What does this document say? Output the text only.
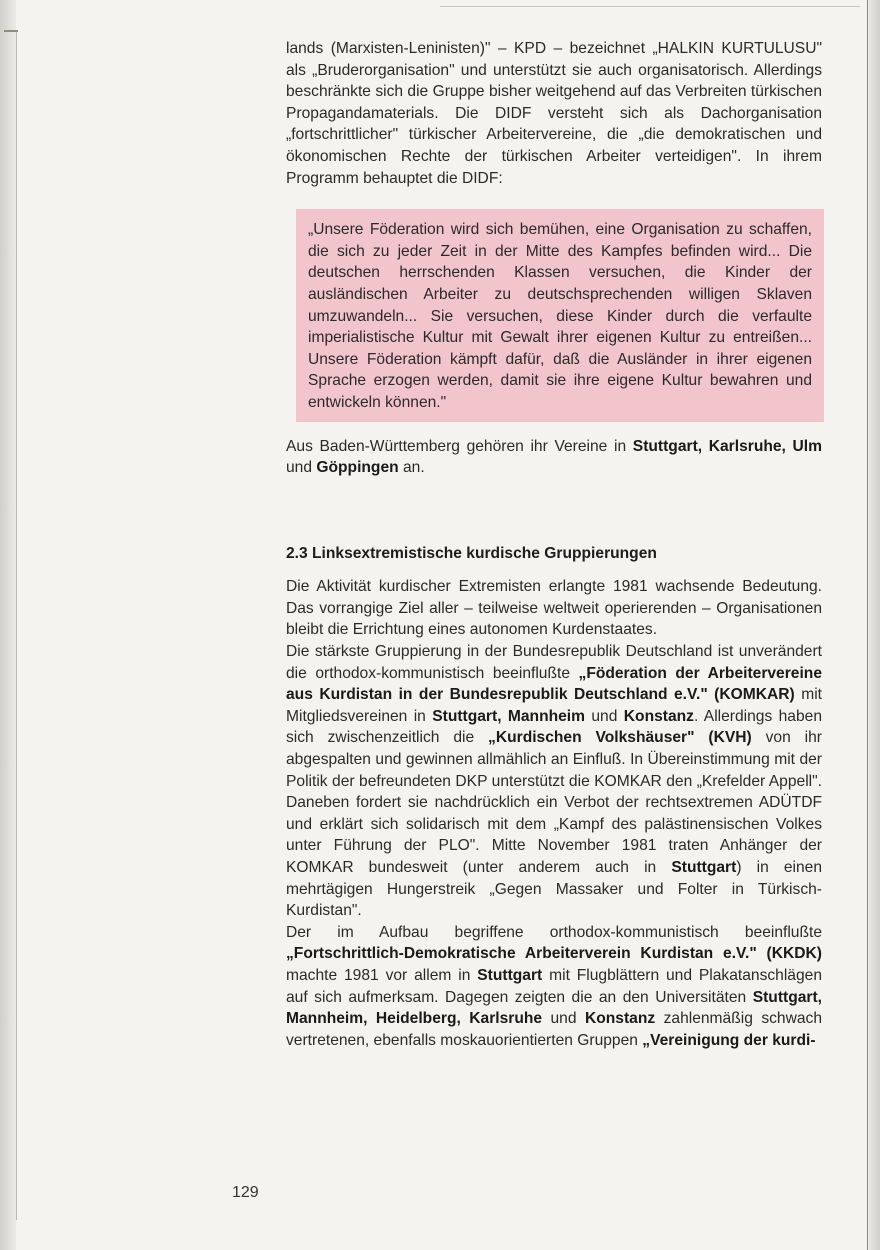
lands (Marxisten-Leninisten)" – KPD – bezeichnet „HALKIN KURTULUSU" als „Bruderorganisation" und unterstützt sie auch organisatorisch. Allerdings beschränkte sich die Gruppe bisher weitgehend auf das Verbreiten türkischen Propagandamaterials. Die DIDF versteht sich als Dachorganisation „fortschrittlicher" türkischer Arbeitervereine, die „die demokratischen und ökonomischen Rechte der türkischen Arbeiter verteidigen". In ihrem Programm behauptet die DIDF:

„Unsere Föderation wird sich bemühen, eine Organisation zu schaffen, die sich zu jeder Zeit in der Mitte des Kampfes befinden wird... Die deutschen herrschenden Klassen versuchen, die Kinder der ausländischen Arbeiter zu deutschsprechenden willigen Sklaven umzuwandeln... Sie versuchen, diese Kinder durch die verfaulte imperialistische Kultur mit Gewalt ihrer eigenen Kultur zu entreißen... Unsere Föderation kämpft dafür, daß die Ausländer in ihrer eigenen Sprache erzogen werden, damit sie ihre eigene Kultur bewahren und entwickeln können."

Aus Baden-Württemberg gehören ihr Vereine in Stuttgart, Karlsruhe, Ulm und Göppingen an.

2.3 Linksextremistische kurdische Gruppierungen

Die Aktivität kurdischer Extremisten erlangte 1981 wachsende Bedeutung. Das vorrangige Ziel aller – teilweise weltweit operierenden – Organisationen bleibt die Errichtung eines autonomen Kurdenstaates.

Die stärkste Gruppierung in der Bundesrepublik Deutschland ist unverändert die orthodox-kommunistisch beeinflußte „Föderation der Arbeitervereine aus Kurdistan in der Bundesrepublik Deutschland e.V." (KOMKAR) mit Mitgliedsvereinen in Stuttgart, Mannheim und Konstanz. Allerdings haben sich zwischenzeitlich die „Kurdischen Volkshäuser" (KVH) von ihr abgespalten und gewinnen allmählich an Einfluß. In Übereinstimmung mit der Politik der befreundeten DKP unterstützt die KOMKAR den „Krefelder Appell". Daneben fordert sie nachdrücklich ein Verbot der rechtsextremen ADÜTDF und erklärt sich solidarisch mit dem „Kampf des palästinensischen Volkes unter Führung der PLO". Mitte November 1981 traten Anhänger der KOMKAR bundesweit (unter anderem auch in Stuttgart) in einen mehrtägigen Hungerstreik „Gegen Massaker und Folter in Türkisch-Kurdistan".

Der im Aufbau begriffene orthodox-kommunistisch beeinflußte „Fortschrittlich-Demokratische Arbeiterverein Kurdistan e.V." (KKDK) machte 1981 vor allem in Stuttgart mit Flugblättern und Plakatanschlägen auf sich aufmerksam. Dagegen zeigten die an den Universitäten Stuttgart, Mannheim, Heidelberg, Karlsruhe und Konstanz zahlenmäßig schwach vertretenen, ebenfalls moskauorientierten Gruppen „Vereinigung der kurdi-

129
